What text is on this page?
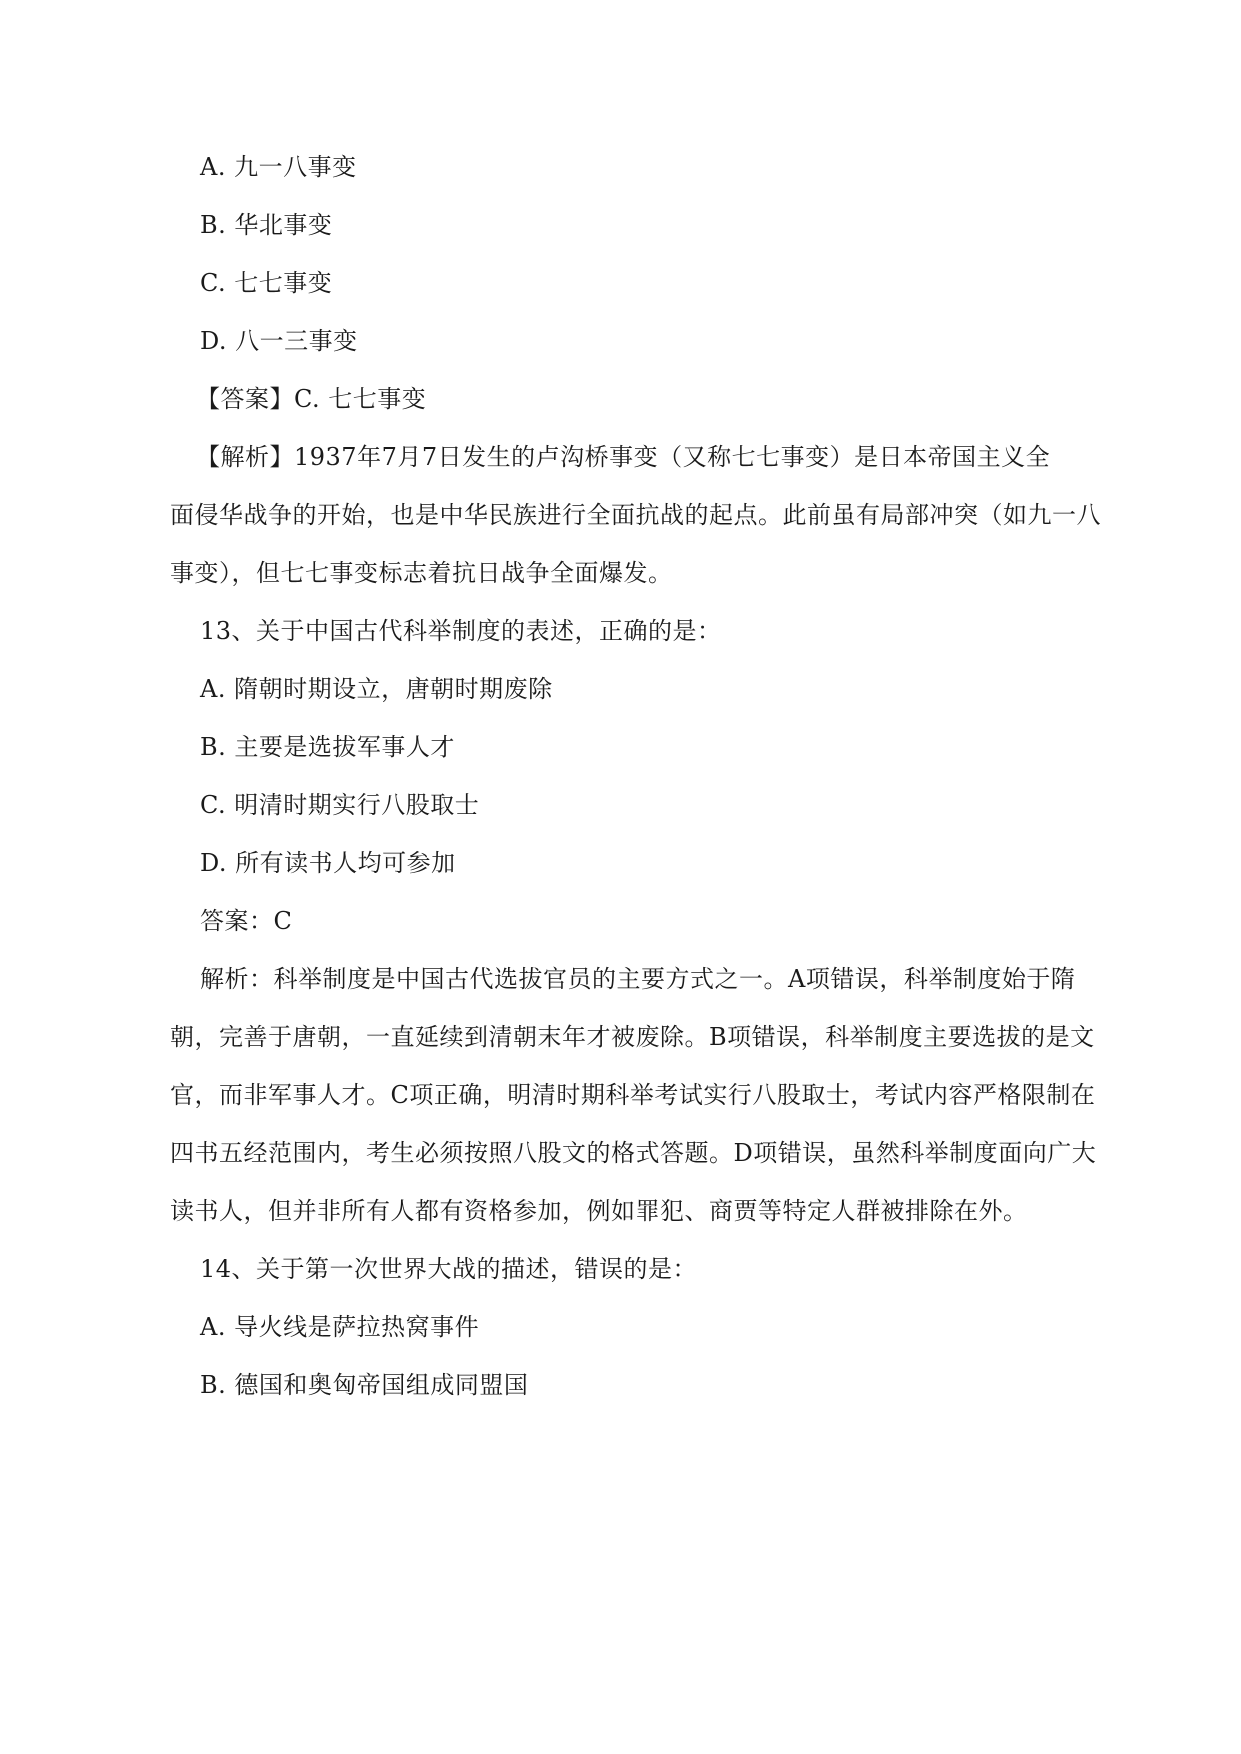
A. 九一八事变
B. 华北事变
C. 七七事变
D. 八一三事变
【答案】C. 七七事变
【解析】1937年7月7日发生的卢沟桥事变（又称七七事变）是日本帝国主义全
面侵华战争的开始，也是中华民族进行全面抗战的起点。此前虽有局部冲突（如九一八
事变），但七七事变标志着抗日战争全面爆发。
13、关于中国古代科举制度的表述，正确的是：
A. 隋朝时期设立，唐朝时期废除
B. 主要是选拔军事人才
C. 明清时期实行八股取士
D. 所有读书人均可参加
答案：C
解析：科举制度是中国古代选拔官员的主要方式之一。A项错误，科举制度始于隋
朝，完善于唐朝，一直延续到清朝末年才被废除。B项错误，科举制度主要选拔的是文
官，而非军事人才。C项正确，明清时期科举考试实行八股取士，考试内容严格限制在
四书五经范围内，考生必须按照八股文的格式答题。D项错误，虽然科举制度面向广大
读书人，但并非所有人都有资格参加，例如罪犯、商贾等特定人群被排除在外。
14、关于第一次世界大战的描述，错误的是：
A. 导火线是萨拉热窝事件
B. 德国和奥匈帝国组成同盟国
